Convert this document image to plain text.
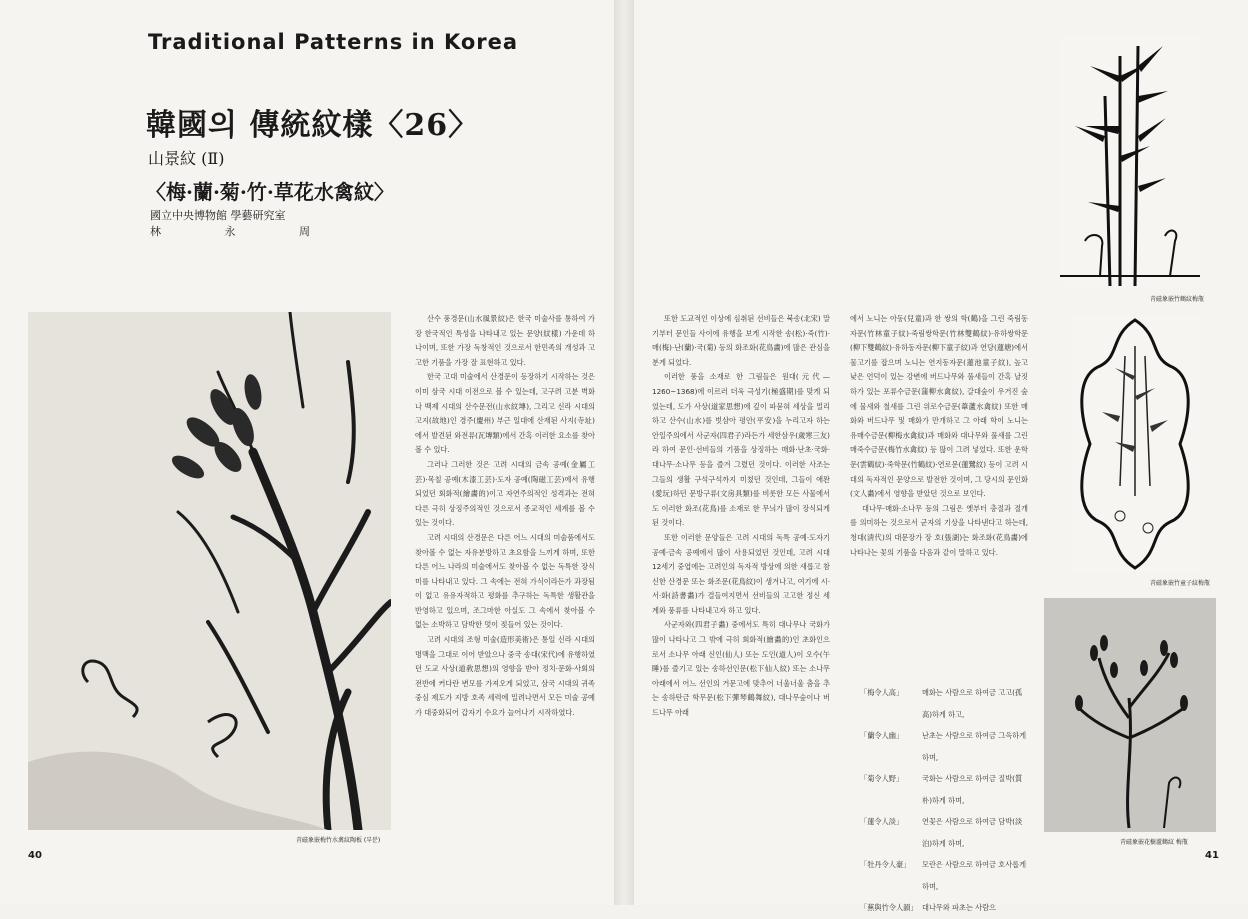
Traditional Patterns in Korea
韓國의 傳統紋樣〈26〉
山景紋 (Ⅱ)
〈梅·蘭·菊·竹·草花水禽紋〉
國立中央博物館 學藝研究室
林 永 周
靑磁象嵌梅竹水禽紋陶板 (부분)

산수 풍경문(山水風景紋)은 한국 미술사를 통하여 가장 한국적인 특성을 나타내고 있는 문양(紋樣) 가운데 하나이며, 또한 가장 독창적인 것으로서 한민족의 개성과 고고한 기품을 가장 잘 표현하고 있다.

한국 고대 미술에서 산경문이 등장하기 시작하는 것은 이미 삼국 시대 이전으로 볼 수 있는데, 고구려 고분 벽화나 백제 시대의 산수문전(山水紋塼), 그리고 신라 시대의 고지(故地)인 경주(慶州) 부근 일대에 산재된 사지(寺址)에서 발견된 와전류(瓦塼類)에서 간혹 이러한 요소를 찾아볼 수 있다.

그러나 그러한 것은 고려 시대의 금속 공예(金屬工芸)·목칠 공예(木漆工芸)·도자 공예(陶磁工芸)에서 유행되었던 회화적(繪畵的)이고 자연주의적인 성격과는 전혀 다른 극히 상징주의적인 것으로서 종교적인 세계를 볼 수 있는 것이다.

고려 시대의 산경문은 다른 어느 시대의 미술품에서도 찾아볼 수 없는 자유분방하고 초요함을 느끼게 하며, 또한 다른 어느 나라의 미술에서도 찾아볼 수 없는 독특한 장식미를 나타내고 있다. 그 속에는 전혀 가식이라든가 과장됨이 없고 유유자적하고 평화를 추구하는 독특한 생활관을 반영하고 있으며, 조그마한 아실도 그 속에서 찾아볼 수 없는 소박하고 담박한 멋이 젖들어 있는 것이다.

고려 시대의 조형 미술(造形美術)은 통일 신라 시대의 명맥을 그대로 이어 받았으나 중국 송대(宋代)에 유행하였던 도교 사상(道敎思想)의 영향을 받아 정치·문화·사회의 전반에 커다란 변모를 가져오게 되었고, 삼국 시대의 귀족 중심 제도가 지방 호족 세력에 밀려나면서 모든 미술 공예가 대중화되어 갑자기 수요가 늘어나기 시작하였다.

또한 도교적인 이상에 심취된 선비들은 북송(北宋) 말기부터 문인들 사이에 유행을 보게 시작한 송(松)·죽(竹)·매(梅)·난(蘭)·국(菊) 등의 화조화(花鳥畵)에 많은 관심을 분게 되었다.

이러한 풍을 소재로 한 그림들은 원대(元代—1260~1368)에 이르러 더욱 극성기(極盛期)를 맞게 되었는데, 도가 사상(道家思想)에 깊이 파묻혀 세상을 멀리하고 산수(山水)를 벗삼아 평안(平安)을 누리고자 하는 안일주의에서 사군자(四君子)라든가 세한삼우(歲寒三友)라 하여 문인·선비들의 기품을 상징하는 매화·난초·국화·대나무·소나무 등을 즐겨 그렸던 것이다. 이러한 사조는 그들의 생활 구석구석까지 미쳤던 것인데, 그들이 애완(愛玩)하던 문방구류(文房具類)를 비롯한 모든 사물에서도 이러한 화조(花鳥)를 소재로 한 무늬가 많이 장식되게 된 것이다.

또한 이러한 문양들은 고려 시대의 독특 공예·도자기 공예·금속 공예에서 많이 사용되었던 것인데, 고려 시대 12세기 중엽에는 고려인의 독자적 방상에 의한 새롭고 참신한 산경문 또는 화조문(花鳥紋)이 생겨나고, 여기에 시·서·화(詩書畵)가 결들여지면서 선비들의 고고한 정신 세계와 풍류를 나타내고자 하고 있다.

사군자와(四君子畵) 중에서도 특히 대나무나 국화가 많이 나타나고 그 밖에 극히 회화적(繪畵的)인 초화인으로서 소나무 아래 신인(仙人) 또는 도인(道人)이 오수(午睡)를 즐기고 있는 송하선인문(松下仙人紋) 또는 소나무 아래에서 어느 선인의 거문고에 맞추어 너울너울 춤을 추는 송하탄금 학무문(松下彈琴鶴舞紋), 대나무숲이나 버드나무 아래

에서 노니는 아동(兒童)과 한 쌍의 학(鶴)을 그린 죽림동자문(竹林童子紋)·죽림쌍학문(竹林雙鶴紋)·유하쌍학문(柳下雙鶴紋)·유하동자문(柳下童子紋)과 연당(蓮塘)에서 물고기를 잡으며 노니는 연지동자문(蓮池童子紋), 높고 낮은 언덕이 있는 강변에 버드나무와 풀새들이 간혹 날짓하가 있는 포류수금문(蒲柳水禽紋), 갈대숲이 우거진 숲에 물새와 철새를 그린 위로수금문(葦蘆水禽紋) 또한 매화와 버드나무 및 매화가 만개하고 그 아래 학이 노니는 유매수금문(柳梅水禽紋)과 매화와 대나무와 풀새를 그린 매죽수금문(梅竹水禽紋) 등 많이 그려 넣었다. 또한 운학문(雲鶴紋)·죽학문(竹鶴紋)·연로문(蓮鷺紋) 등이 고려 시대의 독자적인 문양으로 발전한 것이며, 그 당시의 문인화(文人畵)에서 영향을 받았던 것으로 보인다.

대나무·매화·소나무 등의 그림은 옛부터 충절과 절개를 의미하는 것으로서 군자의 기상을 나타낸다고 하는데, 청대(淸代)의 대문장가 장 호(張湖)는 화조화(花鳥畵)에 나타나는 꽃의 기품을 다음과 같이 말하고 있다.

「梅令人高」	매화는 사람으로 하여금 고고(孤高)하게 하고,
「蘭令人幽」	난초는 사람으로 하여금 그윽하게 하며,
「菊令人野」	국화는 사람으로 하여금 질박(質朴)하게 하며,
「蓮令人淡」	연꽃은 사람으로 하여금 담박(淡泊)하게 하며,
「牡丹令人豪」	모란은 사람으로 하여금 호사롭게 하며,
「蕉與竹令人韻」 대나무와 파초는 사람으
靑磁象嵌竹鶴紋梅甁
靑磁象嵌竹童子紋梅甁
靑磁象嵌花樹蘆鶴紋 梅甁
40	41
